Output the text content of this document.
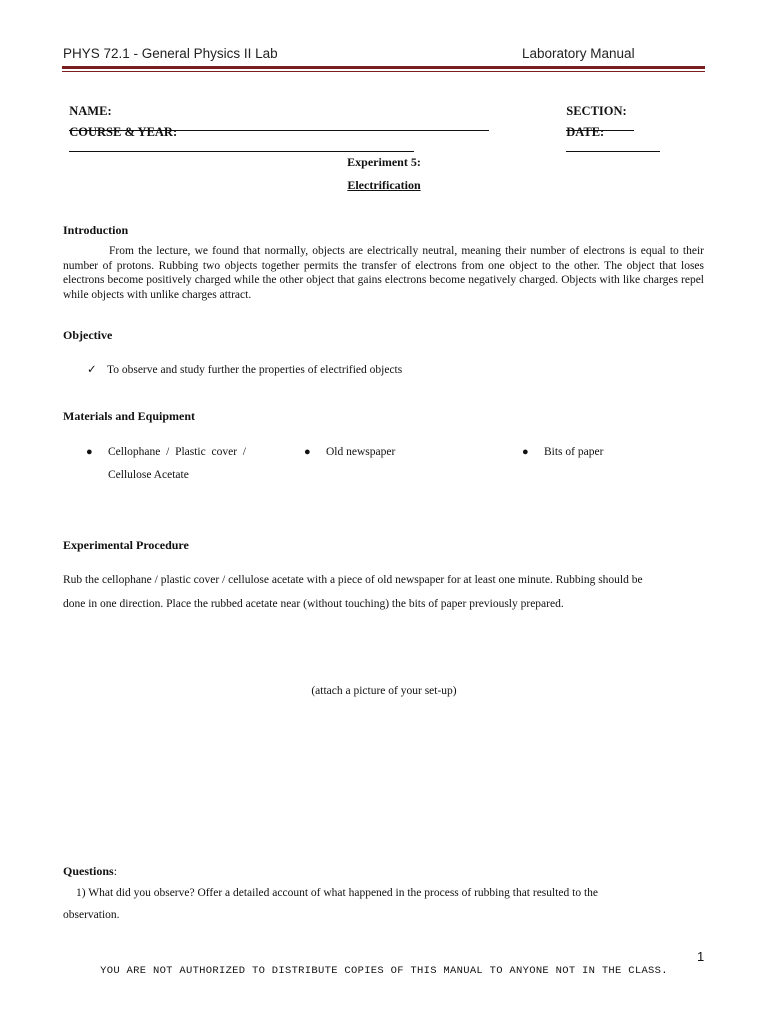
PHYS 72.1 - General Physics II Lab	Laboratory Manual

NAME:
	SECTION:

COURSE & YEAR:
	DATE:

Experiment 5:
Electrification
Introduction
From the lecture, we found that normally, objects are electrically neutral, meaning their number of electrons is equal to their number of protons. Rubbing two objects together permits the transfer of electrons from one object to the other. The object that loses electrons become positively charged while the other object that gains electrons become negatively charged. Objects with like charges repel while objects with unlike charges attract.
Objective
✓ To observe and study further the properties of electrified objects
Materials and Equipment
● Cellophane  /  Plastic  cover  /
Cellulose Acetate
● Old newspaper	● Bits of paper
Experimental Procedure
Rub the cellophane / plastic cover / cellulose acetate with a piece of old newspaper for at least one minute. Rubbing should be
done in one direction. Place the rubbed acetate near (without touching) the bits of paper previously prepared.
(attach a picture of your set-up)
Questions:
1) What did you observe? Offer a detailed account of what happened in the process of rubbing that resulted to the
observation.
1
YOU ARE NOT AUTHORIZED TO DISTRIBUTE COPIES OF THIS MANUAL TO ANYONE NOT IN THE CLASS.
